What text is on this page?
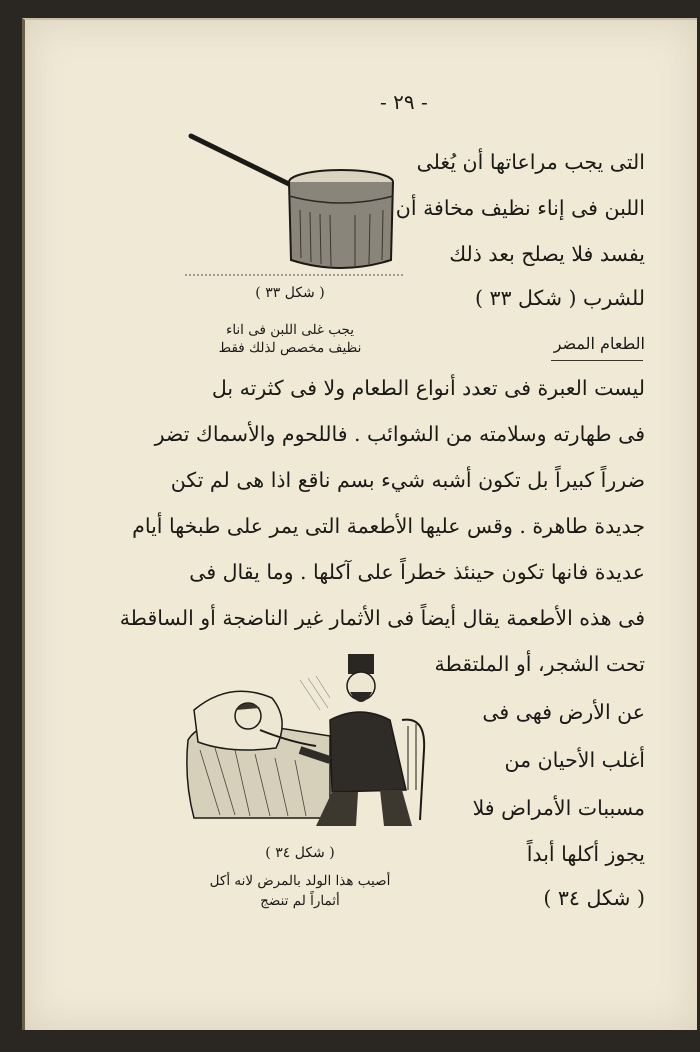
- ٢٩ -
( شكل ٣٣ )
يجب غلى اللبن فى اناء
نظيف مخصص لذلك فقط
التى يجب مراعاتها أن يُغلى
اللبن فى إناء نظيف مخافة أن
يفسد فلا يصلح بعد ذلك
للشرب ( شكل ٣٣ )
الطعام المضر
ليست العبرة فى تعدد أنواع الطعام ولا فى كثرته بل
فى طهارته وسلامته من الشوائب . فاللحوم والأسماك تضر
ضرراً كبيراً بل تكون أشبه شيء بسم ناقع اذا هى لم تكن
جديدة طاهرة . وقس عليها الأطعمة التى يمر على طبخها أيام
عديدة فانها تكون حينئذ خطراً على آكلها . وما يقال فى
فى هذه الأطعمة يقال أيضاً فى الأثمار غير الناضجة أو الساقطة
تحت الشجر، أو الملتقطة
عن الأرض فهى فى
أغلب الأحيان من
مسببات الأمراض فلا
يجوز أكلها أبداً
( شكل ٣٤ )
( شكل ٣٤ )
أصيب هذا الولد بالمرض لانه أكل
أثماراً لم تنضج
